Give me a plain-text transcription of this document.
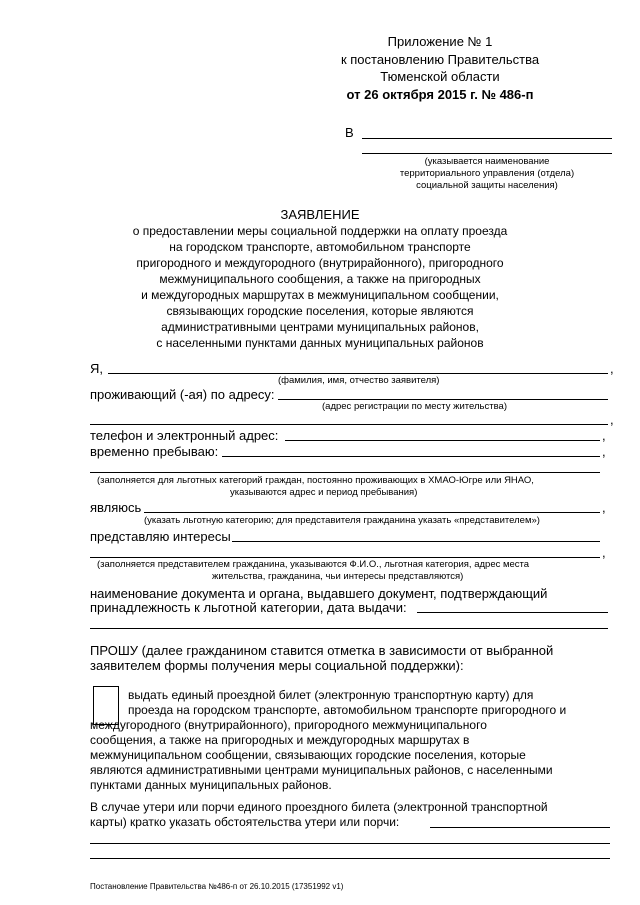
Приложение № 1
к постановлению Правительства
Тюменской области
от 26 октября 2015 г. № 486-п
В
(указывается наименование
территориального управления (отдела)
социальной защиты населения)
ЗАЯВЛЕНИЕ
о предоставлении меры социальной поддержки на оплату проезда
на городском транспорте, автомобильном транспорте
пригородного и междугородного (внутрирайонного), пригородного
межмуниципального сообщения, а также на пригородных
и междугородных маршрутах в межмуниципальном сообщении,
связывающих городские поселения, которые являются
административными центрами муниципальных районов,
с населенными пунктами данных муниципальных районов
Я,	,
(фамилия, имя, отчество заявителя)
проживающий (-ая) по адресу:
(адрес регистрации по месту жительства)
,
телефон и электронный адрес:	,
временно пребываю:	,
(заполняется для льготных категорий граждан, постоянно проживающих в ХМАО-Югре или ЯНАО,
указываются адрес и период пребывания)
являюсь	,
(указать льготную категорию; для представителя гражданина указать «представителем»)
представляю интересы
,
(заполняется представителем гражданина, указываются Ф.И.О., льготная категория, адрес места
жительства, гражданина, чьи интересы представляются)
наименование документа и органа, выдавшего документ, подтверждающий
принадлежность к льготной категории, дата выдачи:
ПРОШУ (далее гражданином ставится отметка в зависимости от выбранной
заявителем формы получения меры социальной поддержки):
выдать единый проездной билет (электронную транспортную карту) для
проезда на городском транспорте, автомобильном транспорте пригородного и
междугородного (внутрирайонного), пригородного межмуниципального
сообщения, а также на пригородных и междугородных маршрутах в
межмуниципальном сообщении, связывающих городские поселения, которые
являются административными центрами муниципальных районов, с населенными
пунктами данных муниципальных районов.
В случае утери или порчи единого проездного билета (электронной транспортной
карты) кратко указать обстоятельства утери или порчи:
Постановление Правительства №486-п от 26.10.2015 (17351992 v1)
